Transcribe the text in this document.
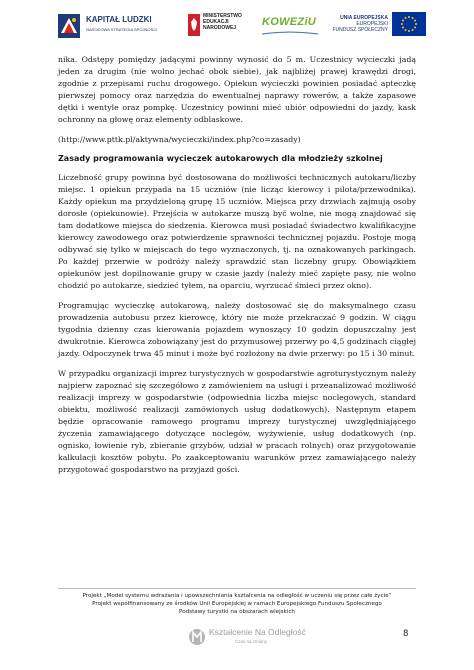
KAPITAŁ LUDZKI
NARODOWA STRATEGIA SPÓJNOŚCI
MINISTERSTWO
EDUKACJI
NARODOWEJ	KOWEZiU	UNIA EUROPEJSKA
EUROPEJSKI
FUNDUSZ SPOŁECZNY

nika. Odstępy pomiędzy jadącymi powinny wynosić do 5 m. Uczestnicy wycieczki jadą jeden za drugim (nie wolno jechać obok siebie), jak najbliżej prawej krawędzi drogi, zgodnie z przepisami ruchu drogowego. Opiekun wycieczki powinien posiadać apteczkę pierwszej pomocy oraz narzędzia do ewentualnej naprawy rowerów, a także zapasowe dętki i wentyle oraz pompkę. Uczestnicy powinni mieć ubiór odpowiedni do jazdy, kask ochronny na głowę oraz elementy odblaskowe.

(http://www.pttk.pl/aktywna/wycieczki/index.php?co=zasady)

Zasady programowania wycieczek autokarowych dla młodzieży szkolnej

Liczebność grupy powinna być dostosowana do możliwości technicznych autokaru/liczby miejsc. 1 opiekun przypada na 15 uczniów (nie licząc kierowcy i pilota/przewodnika). Każdy opiekun ma przydzieloną grupę 15 uczniów. Miejsca przy drzwiach zajmują osoby dorosłe (opiekunowie). Przejścia w autokarze muszą być wolne, nie mogą znajdować się tam dodatkowe miejsca do siedzenia. Kierowca musi posiadać świadectwo kwalifikacyjne kierowcy zawodowego oraz potwierdzenie sprawności technicznej pojazdu. Postoje mogą odbywać się tylko w miejscach do tego wyznaczonych, tj. na oznakowanych parkingach. Po każdej przerwie w podróży należy sprawdzić stan liczebny grupy. Obowiązkiem opiekunów jest dopilnowanie grupy w czasie jazdy (należy mieć zapięte pasy, nie wolno chodzić po autokarze, siedzieć tyłem, na oparciu, wyrzucać śmieci przez okno).

Programując wycieczkę autokarową, należy dostosować się do maksymalnego czasu prowadzenia autobusu przez kierowcę, który nie może przekraczać 9 godzin. W ciągu tygodnia dzienny czas kierowania pojazdem wynoszący 10 godzin dopuszczalny jest dwukrotnie. Kierowca zobowiązany jest do przymusowej przerwy po 4,5 godzinach ciągłej jazdy. Odpoczynek trwa 45 minut i może być rozłożony na dwie przerwy: po 15 i 30 minut.

W przypadku organizacji imprez turystycznych w gospodarstwie agroturystycznym należy najpierw zapoznać się szczegółowo z zamówieniem na usługi i przeanalizować możliwość realizacji imprezy w gospodarstwie (odpowiednia liczba miejsc noclegowych, standard obiektu, możliwość realizacji zamówionych usług dodatkowych). Następnym etapem będzie opracowanie ramowego programu imprezy turystycznej uwzględniającego życzenia zamawiającego dotyczące noclegów, wyżywienie, usług dodatkowych (np. ognisko, łowienie ryb, zbieranie grzybów, udział w pracach rolnych) oraz przygotowanie kalkulacji kosztów pobytu. Po zaakceptowaniu warunków przez zamawiającego należy przygotować gospodarstwo na przyjazd gości.

Projekt „Model systemu wdrażania i upowszechniania kształcenia na odległość w uczeniu się przez całe życie”
Projekt współfinansowany ze środków Unii Europejskiej w ramach Europejskiego Funduszu Społecznego
Podstawy turystki na obszarach wiejskich
Kształcenie Na Odległość
Czas na zmiany
8
